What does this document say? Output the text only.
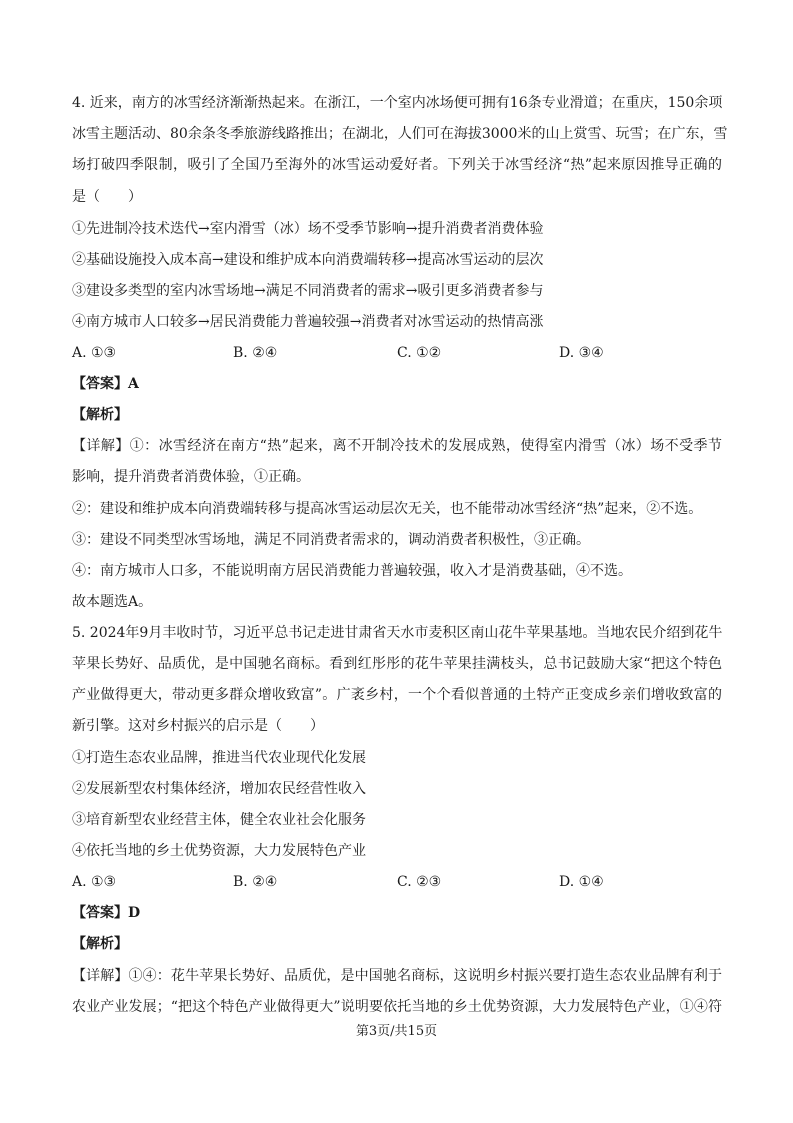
4. 近来，南方的冰雪经济渐渐热起来。在浙江，一个室内冰场便可拥有16条专业滑道；在重庆，150余项
冰雪主题活动、80余条冬季旅游线路推出；在湖北，人们可在海拔3000米的山上赏雪、玩雪；在广东，雪
场打破四季限制，吸引了全国乃至海外的冰雪运动爱好者。下列关于冰雪经济“热”起来原因推导正确的
是（　　）
①先进制冷技术迭代→室内滑雪（冰）场不受季节影响→提升消费者消费体验
②基础设施投入成本高→建设和维护成本向消费端转移→提高冰雪运动的层次
③建设多类型的室内冰雪场地→满足不同消费者的需求→吸引更多消费者参与
④南方城市人口较多→居民消费能力普遍较强→消费者对冰雪运动的热情高涨
A. ①③	B. ②④	C. ①②	D. ③④
【答案】A
【解析】
【详解】①：冰雪经济在南方“热”起来，离不开制冷技术的发展成熟，使得室内滑雪（冰）场不受季节
影响，提升消费者消费体验，①正确。
②：建设和维护成本向消费端转移与提高冰雪运动层次无关，也不能带动冰雪经济“热”起来，②不选。
③：建设不同类型冰雪场地，满足不同消费者需求的，调动消费者积极性，③正确。
④：南方城市人口多，不能说明南方居民消费能力普遍较强，收入才是消费基础，④不选。
故本题选A。
5. 2024年9月丰收时节，习近平总书记走进甘肃省天水市麦积区南山花牛苹果基地。当地农民介绍到花牛
苹果长势好、品质优，是中国驰名商标。看到红彤彤的花牛苹果挂满枝头，总书记鼓励大家“把这个特色
产业做得更大，带动更多群众增收致富”。广袤乡村，一个个看似普通的土特产正变成乡亲们增收致富的
新引擎。这对乡村振兴的启示是（　　）
①打造生态农业品牌，推进当代农业现代化发展
②发展新型农村集体经济，增加农民经营性收入
③培育新型农业经营主体，健全农业社会化服务
④依托当地的乡土优势资源，大力发展特色产业
A. ①③	B. ②④	C. ②③	D. ①④
【答案】D
【解析】
【详解】①④：花牛苹果长势好、品质优，是中国驰名商标，这说明乡村振兴要打造生态农业品牌有利于
农业产业发展；“把这个特色产业做得更大”说明要依托当地的乡土优势资源，大力发展特色产业，①④符
第3页/共15页
